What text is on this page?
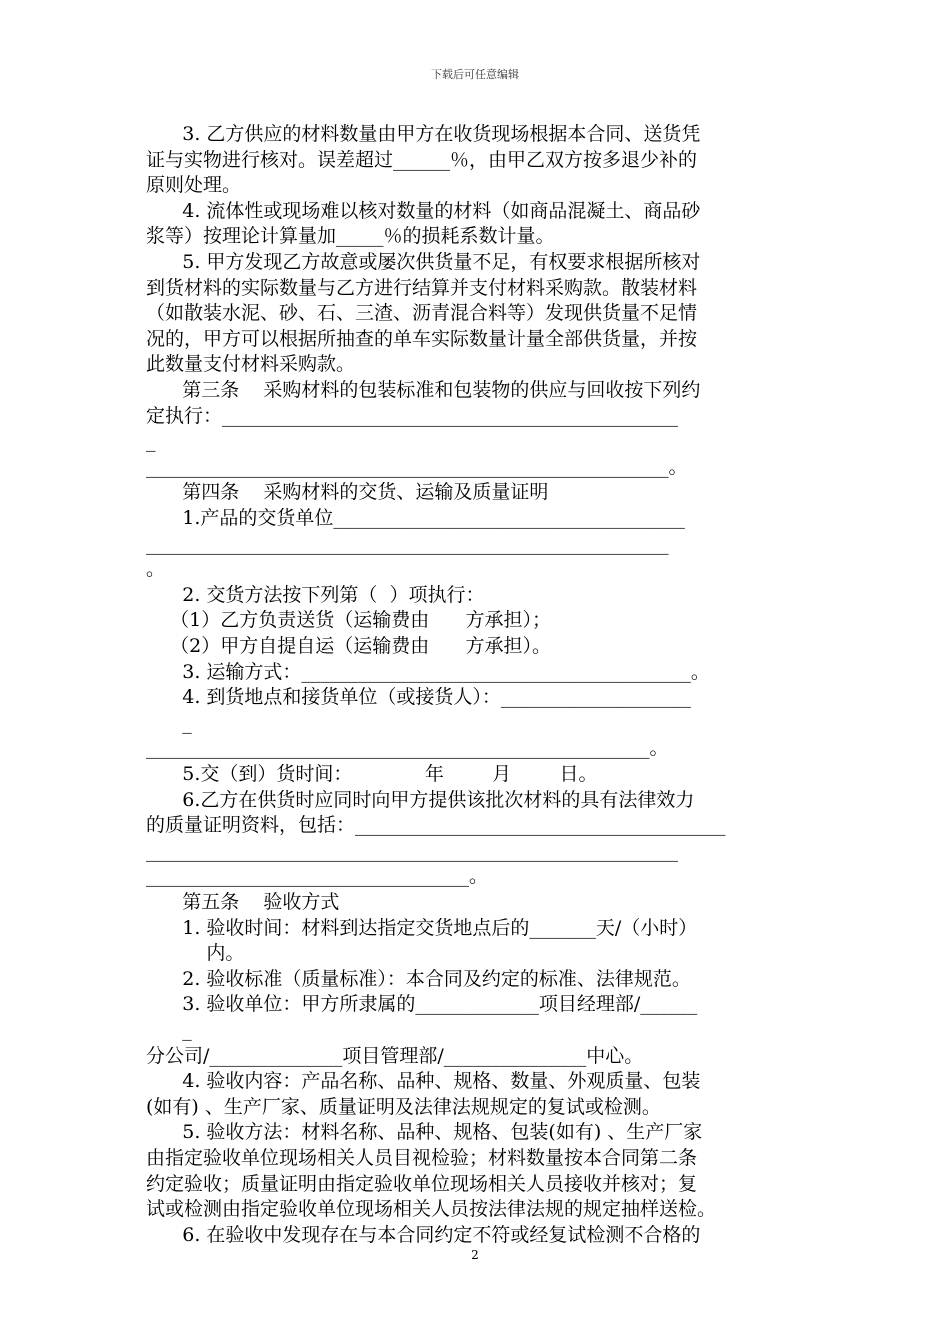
下载后可任意编辑
3. 乙方供应的材料数量由甲方在收货现场根据本合同、送货凭
证与实物进行核对。误差超过______％，由甲乙双方按多退少补的
原则处理。
4. 流体性或现场难以核对数量的材料（如商品混凝土、商品砂
浆等）按理论计算量加_____％的损耗系数计量。
5. 甲方发现乙方故意或屡次供货量不足，有权要求根据所核对
到货材料的实际数量与乙方进行结算并支付材料采购款。散装材料
（如散装水泥、砂、石、三渣、沥青混合料等）发现供货量不足情
况的，甲方可以根据所抽查的单车实际数量计量全部供货量，并按
此数量支付材料采购款。
第三条    采购材料的包装标准和包装物的供应与回收按下列约
定执行：________________________________________________
_
_______________________________________________________。
第四条    采购材料的交货、运输及质量证明
1.产品的交货单位_____________________________________
_______________________________________________________
。
2. 交货方法按下列第（  ）项执行：
（1）乙方负责送货（运输费由      方承担）；
（2）甲方自提自运（运输费由      方承担）。
3. 运输方式：_________________________________________。
4. 到货地点和接货单位（或接货人）：____________________
_
_____________________________________________________。
5.交（到）货时间：            年        月        日。
6.乙方在供货时应同时向甲方提供该批次材料的具有法律效力
的质量证明资料，包括：_______________________________________
________________________________________________________
__________________________________。
第五条    验收方式
1. 验收时间：材料到达指定交货地点后的_______天/（小时）
内。
2. 验收标准（质量标准）：本合同及约定的标准、法律规范。
3. 验收单位：甲方所隶属的_____________项目经理部/______
_
分公司/______________项目管理部/_______________中心。
4. 验收内容：产品名称、品种、规格、数量、外观质量、包装
(如有) 、生产厂家、质量证明及法律法规规定的复试或检测。
5. 验收方法：材料名称、品种、规格、包装(如有) 、生产厂家
由指定验收单位现场相关人员目视检验；材料数量按本合同第二条
约定验收；质量证明由指定验收单位现场相关人员接收并核对；复
试或检测由指定验收单位现场相关人员按法律法规的规定抽样送检。
6. 在验收中发现存在与本合同约定不符或经复试检测不合格的
2
